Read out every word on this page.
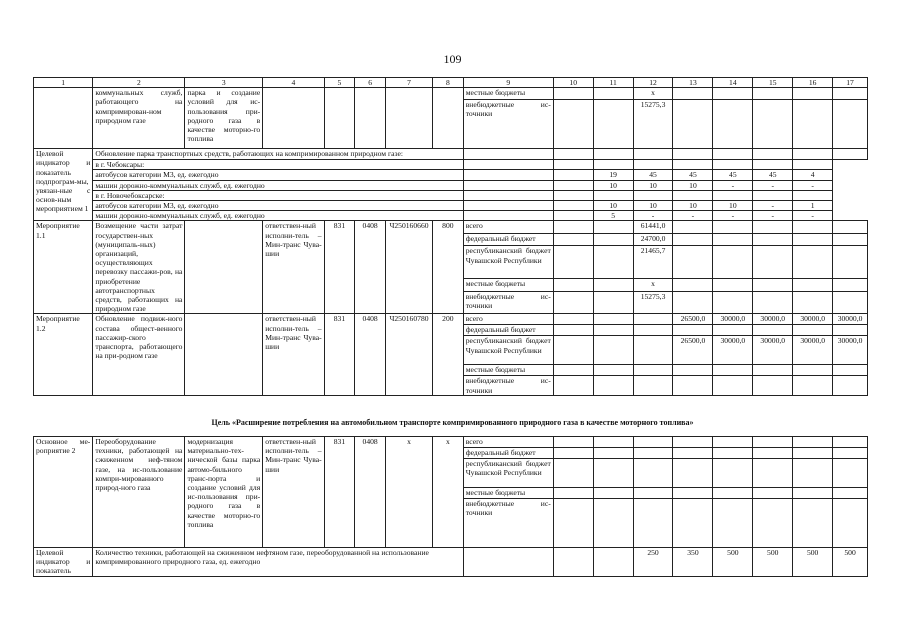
109
1	2	3	4	5	6	7	8	9	10	11	12	13	14	15	16	17
	коммунальных служб, работающего на компримирован-ном природном газе	парка и создание условий для ис-пользования при-родного газа в качестве моторно-го топлива						местные бюджеты			х					
								внебюджетные ис-точники			15275,3					
Целевой индикатор и показатель подпрограм-мы, увязан-ные с основ-ным мероприятием 1	Обновление парка транспортных средств, работающих на компримированном природном газе:															
	в г. Чебоксары:															
	автобусов категории М3, ед. ежегодно									19	45	45	45	45	4	
	машин дорожно-коммунальных служб, ед. ежегодно									10	10	10	-	-	-	
	в г. Новочебоксарске:															
	автобусов категории М3, ед. ежегодно									10	10	10	10	-	1	
	машин дорожно-коммунальных служб, ед. ежегодно									5	-	-	-	-	-	
Мероприятие 1.1	Возмещение части затрат государствен-ных (муниципаль-ных) организаций, осуществляющих перевозку пассажи-ров, на приобретение автотранспортных средств, работающих на природном газе		ответствен-ный исполни-тель – Мин-транс Чува-шии	831	0408	Ч250160660	800	всего			61441,0					
								федеральный бюджет			24700,0					
								республиканский бюджет Чувашской Республики			21465,7					
								местные бюджеты			х					
								внебюджетные ис-точники			15275,3					
Мероприятие 1.2	Обновление подвиж-ного состава общест-венного пассажир-ского транспорта, работающего на при-родном газе		ответствен-ный исполни-тель – Мин-транс Чува-шии	831	0408	Ч250160780	200	всего				26500,0	30000,0	30000,0	30000,0	30000,0
								федеральный бюджет								
								республиканский бюджет Чувашской Республики				26500,0	30000,0	30000,0	30000,0	30000,0
								местные бюджеты								
								внебюджетные ис-точники								
Цель «Расширение потребления на автомобильном транспорте компримированного природного газа в качестве моторного топлива»
Основное ме-роприятие 2	Переоборудование техники, работающей на сжиженном неф-тяном газе, на ис-пользование компри-мированного природ-ного газа	модернизация материально-тех-нической базы парка автомо-бильного транс-порта и создание условий для ис-пользования при-родного газа в качестве моторно-го топлива	ответствен-ный исполни-тель – Мин-транс Чува-шии	831	0408	х	х	всего								
								федеральный бюджет								
								республиканский бюджет Чувашской Республики								
								местные бюджеты								
								внебюджетные ис-точники								
Целевой индикатор и показатель	Количество техники, работающей на сжиженном нефтяном газе, переоборудованной на использование компримированного природного газа, ед. ежегодно										250	350	500	500	500	500
